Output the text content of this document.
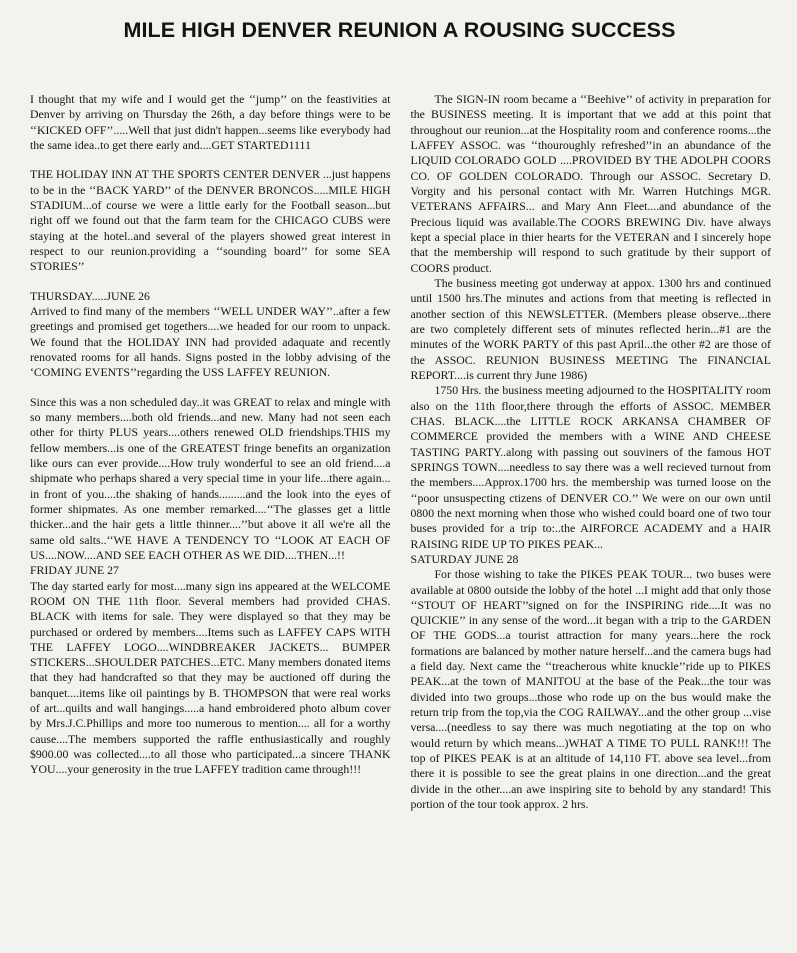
MILE HIGH DENVER REUNION A ROUSING SUCCESS

I thought that my wife and I would get the ‘‘jump’’ on the feastivities at Denver by arriving on Thursday the 26th, a day before things were to be ‘‘KICKED OFF’’.....Well that just didn't happen...seems like everybody had the same idea..to get there early and....GET STARTED1111

THE HOLIDAY INN AT THE SPORTS CENTER DENVER ...just happens to be in the ‘‘BACK YARD’’ of the DENVER BRONCOS.....MILE HIGH STADIUM...of course we were a little early for the Football season...but right off we found out that the farm team for the CHICAGO CUBS were staying at the hotel..and several of the players showed great interest in respect to our reunion.providing a ‘‘sounding board’’ for some SEA STORIES’’

THURSDAY.....JUNE 26

Arrived to find many of the members ‘‘WELL UNDER WAY’’..after a few greetings and promised get togethers....we headed for our room to unpack. We found that the HOLIDAY INN had provided adaquate and recently renovated rooms for all hands. Signs posted in the lobby advising of the ‘COMING EVENTS’’regarding the USS LAFFEY REUNION.

Since this was a non scheduled day..it was GREAT to relax and mingle with so many members....both old friends...and new. Many had not seen each other for thirty PLUS years....others renewed OLD friendships.THIS my fellow members...is one of the GREATEST fringe benefits an organization like ours can ever provide....How truly wonderful to see an old friend....a shipmate who perhaps shared a very special time in your life...there again... in front of you....the shaking of hands.........and the look into the eyes of former shipmates. As one member remarked....‘‘The glasses get a little thicker...and the hair gets a little thinner....’’but above it all we're all the same old salts..‘‘WE HAVE A TENDENCY TO ‘‘LOOK AT EACH OF US....NOW....AND SEE EACH OTHER AS WE DID....THEN...!!

FRIDAY JUNE 27

The day started early for most....many sign ins appeared at the WELCOME ROOM ON THE 11th floor. Several members had provided CHAS. BLACK with items for sale. They were displayed so that they may be purchased or ordered by members....Items such as LAFFEY CAPS WITH THE LAFFEY LOGO....WINDBREAKER JACKETS... BUMPER STICKERS...SHOULDER PATCHES...ETC. Many members donated items that they had handcrafted so that they may be auctioned off during the banquet....items like oil paintings by B. THOMPSON that were real works of art...quilts and wall hangings.....a hand embroidered photo album cover by Mrs.J.C.Phillips and more too numerous to mention.... all for a worthy cause....The members supported the raffle enthusiastically and roughly $900.00 was collected....to all those who participated...a sincere THANK YOU....your generosity in the true LAFFEY tradition came through!!!

The SIGN-IN room became a ‘‘Beehive’’ of activity in preparation for the BUSINESS meeting. It is important that we add at this point that throughout our reunion...at the Hospitality room and conference rooms...the LAFFEY ASSOC. was ‘‘thouroughly refreshed’’in an abundance of the LIQUID COLORADO GOLD ....PROVIDED BY THE ADOLPH COORS CO. OF GOLDEN COLORADO. Through our ASSOC. Secretary D. Vorgity and his personal contact with Mr. Warren Hutchings MGR. VETERANS AFFAIRS... and Mary Ann Fleet....and abundance of the Precious liquid was available.The COORS BREWING Div. have always kept a special place in thier hearts for the VETERAN and I sincerely hope that the membership will respond to such gratitude by their support of COORS product.

The business meeting got underway at appox. 1300 hrs and continued until 1500 hrs.The minutes and actions from that meeting is reflected in another section of this NEWSLETTER. (Members please observe...there are two completely different sets of minutes reflected herin...#1 are the minutes of the WORK PARTY of this past April...the other #2 are those of the ASSOC. REUNION BUSINESS MEETING The FINANCIAL REPORT....is current thry June 1986)

1750 Hrs. the business meeting adjourned to the HOSPITALITY room also on the 11th floor,there through the efforts of ASSOC. MEMBER CHAS. BLACK....the LITTLE ROCK ARKANSA CHAMBER OF COMMERCE provided the members with a WINE AND CHEESE TASTING PARTY..along with passing out souviners of the famous HOT SPRINGS TOWN....needless to say there was a well recieved turnout from the members....Approx.1700 hrs. the membership was turned loose on the ‘‘poor unsuspecting ctizens of DENVER CO.’’ We were on our own until 0800 the next morning when those who wished could board one of two tour buses provided for a trip to:..the AIRFORCE ACADEMY and a HAIR RAISING RIDE UP TO PIKES PEAK...

SATURDAY JUNE 28

For those wishing to take the PIKES PEAK TOUR... two buses were available at 0800 outside the lobby of the hotel ...I might add that only those ‘‘STOUT OF HEART’’signed on for the INSPIRING ride....It was no QUICKIE’’ in any sense of the word...it began with a trip to the GARDEN OF THE GODS...a tourist attraction for many years...here the rock formations are balanced by mother nature herself...and the camera bugs had a field day. Next came the ‘‘treacherous white knuckle’’ride up to PIKES PEAK...at the town of MANITOU at the base of the Peak...the tour was divided into two groups...those who rode up on the bus would make the return trip from the top,via the COG RAILWAY...and the other group ...vise versa....(needless to say there was much negotiating at the top on who would return by which means...)WHAT A TIME TO PULL RANK!!! The top of PIKES PEAK is at an altitude of 14,110 FT. above sea level...from there it is possible to see the great plains in one direction...and the great divide in the other....an awe inspiring site to behold by any standard! This portion of the tour took approx. 2 hrs.
